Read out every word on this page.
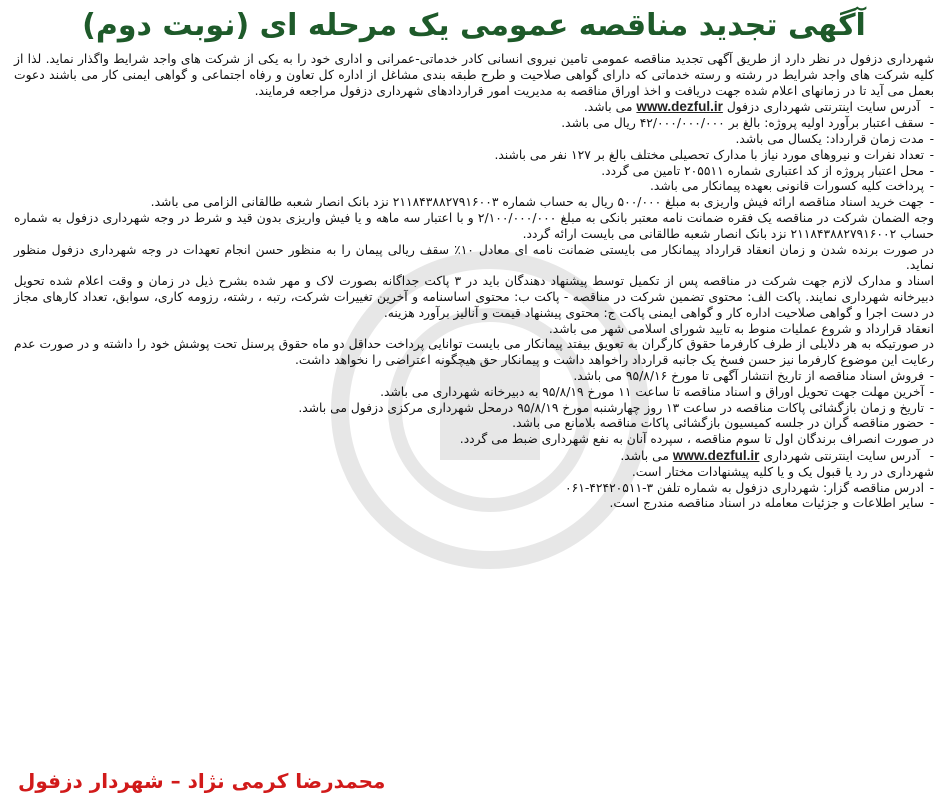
آگهی تجدید مناقصه عمومی یک مرحله ای (نوبت دوم)

شهرداری دزفول در نظر دارد از طریق آگهی تجدید مناقصه عمومی تامین نیروی انسانی کادر خدماتی-عمرانی و اداری خود را به یکی از شرکت های واجد شرایط واگذار نماید. لذا از کلیه شرکت های واجد شرایط در رشته و رسته خدماتی که دارای گواهی صلاحیت و طرح طبقه بندی مشاغل از اداره کل تعاون و رفاه اجتماعی و گواهی ایمنی کار می باشند دعوت بعمل می آید تا در زمانهای اعلام شده جهت دریافت و اخذ اوراق مناقصه به مدیریت امور قراردادهای شهرداری دزفول مراجعه فرمایند.

- آدرس سایت اینترنتی شهرداری دزفول www.dezful.ir می باشد.

-سقف اعتبار برآورد اولیه پروژه: بالغ بر ۴۲/۰۰۰/۰۰۰/۰۰۰ ریال می باشد.

-مدت زمان قرارداد: یکسال می باشد.

-تعداد نفرات و نیروهای مورد نیاز با مدارک تحصیلی مختلف بالغ بر ۱۲۷ نفر می باشند.

-محل اعتبار پروژه از کد اعتباری شماره ۲۰۵۵۱۱ تامین می گردد.

-پرداخت کلیه کسورات قانونی بعهده پیمانکار می باشد.

-جهت خرید اسناد مناقصه ارائه فیش واریزی به مبلغ ۵۰۰/۰۰۰ ریال به حساب شماره ۲۱۱۸۴۳۸۸۲۷۹۱۶۰۰۳ نزد بانک انصار شعبه طالقانی الزامی می باشد.

وجه الضمان شرکت در مناقصه یک فقره ضمانت نامه معتبر بانکی به مبلغ ۲/۱۰۰/۰۰۰/۰۰۰ و با اعتبار سه ماهه و یا فیش واریزی بدون قید و شرط در وجه شهرداری دزفول به شماره حساب ۲۱۱۸۴۳۸۸۲۷۹۱۶۰۰۲ نزد بانک انصار شعبه طالقانی می بایست ارائه گردد.

در صورت برنده شدن و زمان انعقاد قرارداد پیمانکار می بایستی ضمانت نامه ای معادل ۱۰٪ سقف ریالی پیمان را به منظور حسن انجام تعهدات در وجه شهرداری دزفول منظور نماید.

اسناد و مدارک لازم جهت شرکت در مناقصه پس از تکمیل توسط پیشنهاد دهندگان باید در ۳ پاکت جداگانه بصورت لاک و مهر شده بشرح ذیل در زمان و وقت اعلام شده تحویل دبیرخانه شهرداری نمایند. پاکت الف: محتوی تضمین شرکت در مناقصه - پاکت ب: محتوی اساسنامه و آخرین تغییرات شرکت، رتبه ، رشته، رزومه کاری، سوابق، تعداد کارهای مجاز در دست اجرا و گواهی صلاحیت اداره کار و گواهی ایمنی پاکت ج: محتوی پیشنهاد قیمت و آنالیز برآورد هزینه.

انعقاد قرارداد و شروع عملیات منوط به تایید شورای اسلامی شهر می باشد.

در صورتیکه به هر دلایلی از طرف کارفرما حقوق کارگران به تعویق بیفتد پیمانکار می بایست توانایی پرداخت حداقل دو ماه حقوق پرسنل تحت پوشش خود را داشته و در صورت عدم رعایت این موضوع کارفرما نیز حسن فسخ یک جانبه قرارداد راخواهد داشت و پیمانکار حق هیچگونه اعتراضی را نخواهد داشت.

-فروش اسناد مناقصه از تاریخ انتشار آگهی تا مورخ ۹۵/۸/۱۶ می باشد.

-آخرین مهلت جهت تحویل اوراق و اسناد مناقصه تا ساعت ۱۱ مورخ ۹۵/۸/۱۹ به دبیرخانه شهرداری می باشد.

-تاریخ و زمان بازگشائی پاکات مناقصه در ساعت ۱۳ روز چهارشنبه مورخ ۹۵/۸/۱۹ درمحل شهرداری مرکزی دزفول می باشد.

-حضور مناقصه گران در جلسه کمیسیون بازگشائی پاکات مناقصه بلامانع می باشد.

در صورت انصراف برندگان اول تا سوم مناقصه ، سپرده آنان به نفع شهرداری ضبط می گردد.

- آدرس سایت اینترنتی شهرداری www.dezful.ir می باشد.

شهرداری در رد یا قبول یک و یا کلیه پیشنهادات مختار است.

-ادرس مناقصه گزار: شهرداری دزفول به شماره تلفن ۳-۴۲۴۲۰۵۱۱-۰۶۱

-سایر اطلاعات و جزئیات معامله در اسناد مناقصه مندرج است.

محمدرضا کرمی نژاد – شهردار دزفول
